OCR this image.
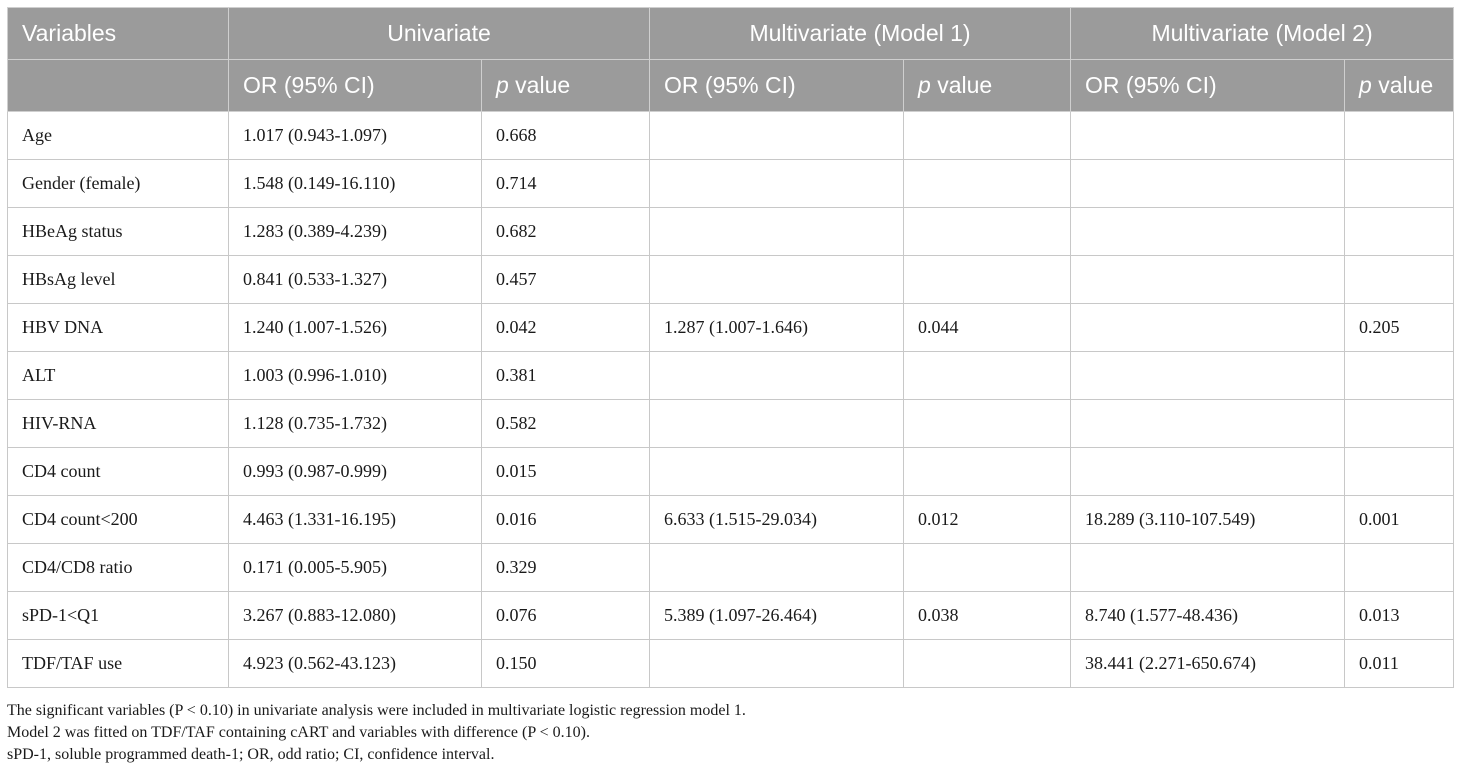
Variables	Univariate		Multivariate (Model 1)		Multivariate (Model 2)	
	OR (95% CI)	p value	OR (95% CI)	p value	OR (95% CI)	p value
Age	1.017 (0.943-1.097)	0.668				
Gender (female)	1.548 (0.149-16.110)	0.714				
HBeAg status	1.283 (0.389-4.239)	0.682				
HBsAg level	0.841 (0.533-1.327)	0.457				
HBV DNA	1.240 (1.007-1.526)	0.042	1.287 (1.007-1.646)	0.044		0.205
ALT	1.003 (0.996-1.010)	0.381				
HIV-RNA	1.128 (0.735-1.732)	0.582				
CD4 count	0.993 (0.987-0.999)	0.015				
CD4 count<200	4.463 (1.331-16.195)	0.016	6.633 (1.515-29.034)	0.012	18.289 (3.110-107.549)	0.001
CD4/CD8 ratio	0.171 (0.005-5.905)	0.329				
sPD-1<Q1	3.267 (0.883-12.080)	0.076	5.389 (1.097-26.464)	0.038	8.740 (1.577-48.436)	0.013
TDF/TAF use	4.923 (0.562-43.123)	0.150			38.441 (2.271-650.674)	0.011
The significant variables (P < 0.10) in univariate analysis were included in multivariate logistic regression model 1.
Model 2 was fitted on TDF/TAF containing cART and variables with difference (P < 0.10).
sPD-1, soluble programmed death-1; OR, odd ratio; CI, confidence interval.
